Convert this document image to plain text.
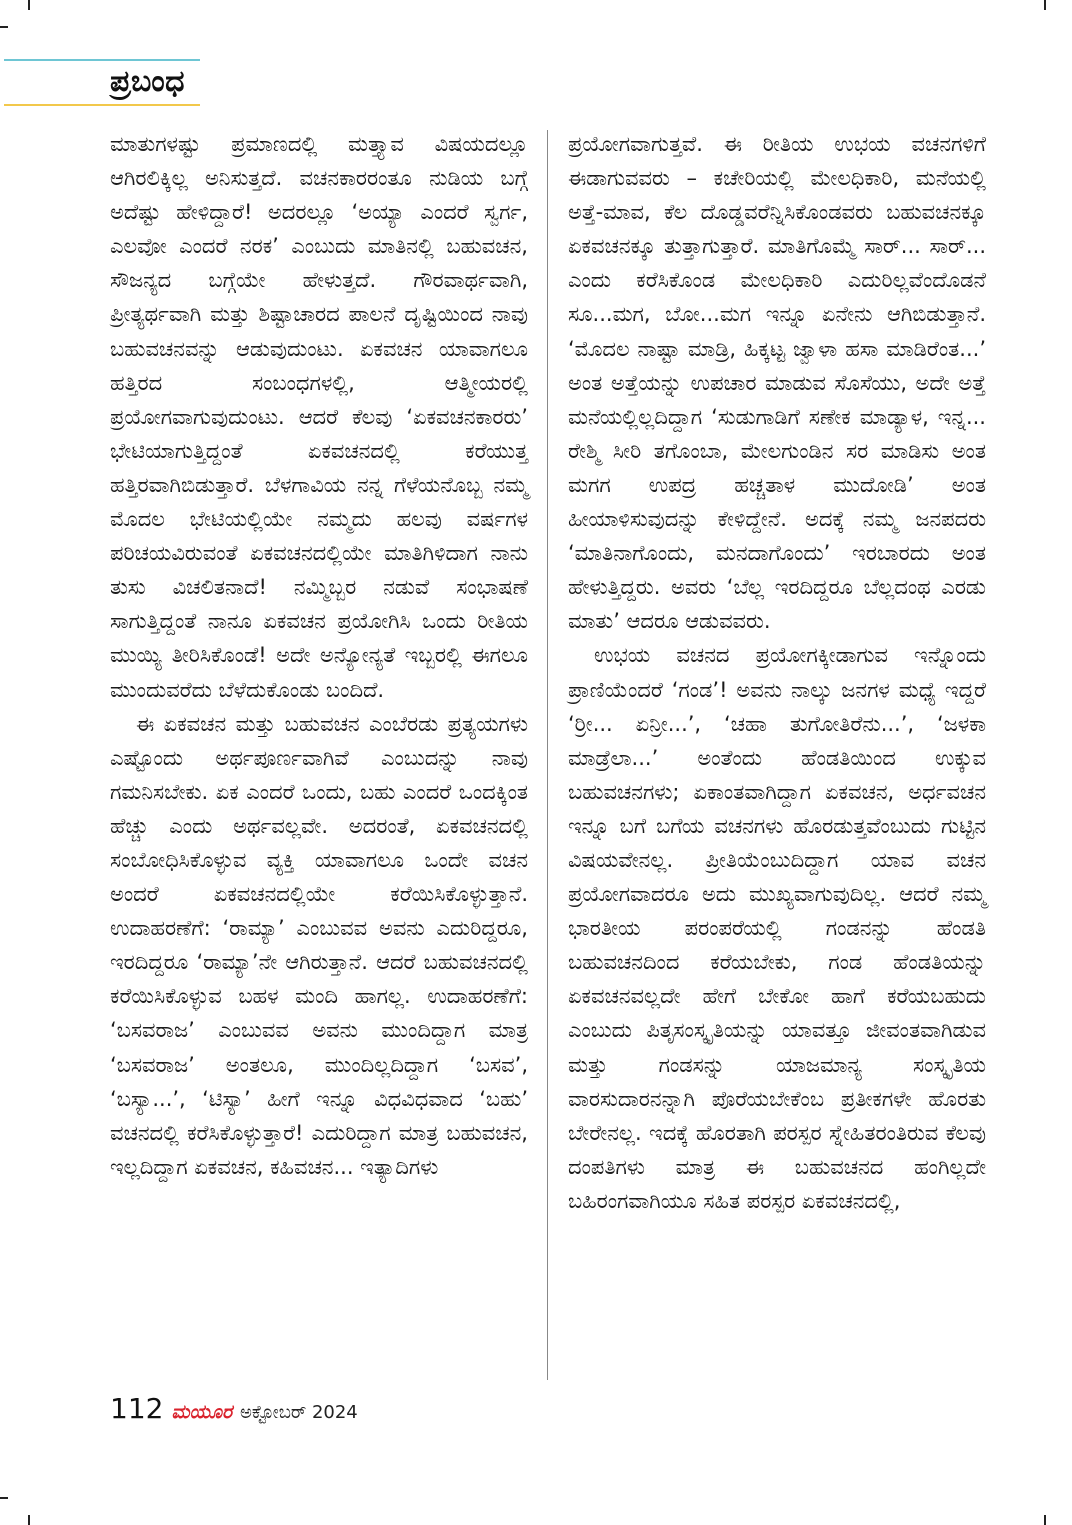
ಪ್ರಬಂಧ

ಮಾತುಗಳಷ್ಟು ಪ್ರಮಾಣದಲ್ಲಿ ಮತ್ತ್ಯಾವ ವಿಷಯದಲ್ಲೂ ಆಗಿರಲಿಕ್ಕಿಲ್ಲ ಅನಿಸುತ್ತದೆ. ವಚನಕಾರರಂತೂ ನುಡಿಯ ಬಗ್ಗೆ ಅದೆಷ್ಟು ಹೇಳಿದ್ದಾರೆ! ಅದರಲ್ಲೂ ‘ಅಯ್ಯಾ ಎಂದರೆ ಸ್ವರ್ಗ, ಎಲವೋ ಎಂದರೆ ನರಕ’ ಎಂಬುದು ಮಾತಿನಲ್ಲಿ ಬಹುವಚನ, ಸೌಜನ್ಯದ ಬಗ್ಗೆಯೇ ಹೇಳುತ್ತದೆ. ಗೌರವಾರ್ಥವಾಗಿ, ಪ್ರೀತ್ಯರ್ಥವಾಗಿ ಮತ್ತು ಶಿಷ್ಟಾಚಾರದ ಪಾಲನೆ ದೃಷ್ಟಿಯಿಂದ ನಾವು ಬಹುವಚನವನ್ನು ಆಡುವುದುಂಟು. ಏಕವಚನ ಯಾವಾಗಲೂ ಹತ್ತಿರದ ಸಂಬಂಧಗಳಲ್ಲಿ, ಆತ್ಮೀಯರಲ್ಲಿ ಪ್ರಯೋಗವಾಗುವುದುಂಟು. ಆದರೆ ಕೆಲವು ‘ಏಕವಚನಕಾರರು’ ಭೇಟಿಯಾಗುತ್ತಿದ್ದಂತೆ ಏಕವಚನದಲ್ಲಿ ಕರೆಯುತ್ತ ಹತ್ತಿರವಾಗಿಬಿಡುತ್ತಾರೆ. ಬೆಳಗಾವಿಯ ನನ್ನ ಗೆಳೆಯನೊಬ್ಬ ನಮ್ಮ ಮೊದಲ ಭೇಟಿಯಲ್ಲಿಯೇ ನಮ್ಮದು ಹಲವು ವರ್ಷಗಳ ಪರಿಚಯವಿರುವಂತೆ ಏಕವಚನದಲ್ಲಿಯೇ ಮಾತಿಗಿಳಿದಾಗ ನಾನು ತುಸು ವಿಚಲಿತನಾದೆ! ನಮ್ಮಿಬ್ಬರ ನಡುವೆ ಸಂಭಾಷಣೆ ಸಾಗುತ್ತಿದ್ದಂತೆ ನಾನೂ ಏಕವಚನ ಪ್ರಯೋಗಿಸಿ ಒಂದು ರೀತಿಯ ಮುಯ್ಯಿ ತೀರಿಸಿಕೊಂಡೆ! ಅದೇ ಅನ್ಯೋನ್ಯತೆ ಇಬ್ಬರಲ್ಲಿ ಈಗಲೂ ಮುಂದುವರೆದು ಬೆಳೆದುಕೊಂಡು ಬಂದಿದೆ.

ಈ ಏಕವಚನ ಮತ್ತು ಬಹುವಚನ ಎಂಬೆರಡು ಪ್ರತ್ಯಯಗಳು ಎಷ್ಟೊಂದು ಅರ್ಥಪೂರ್ಣವಾಗಿವೆ ಎಂಬುದನ್ನು ನಾವು ಗಮನಿಸಬೇಕು. ಏಕ ಎಂದರೆ ಒಂದು, ಬಹು ಎಂದರೆ ಒಂದಕ್ಕಿಂತ ಹೆಚ್ಚು ಎಂದು ಅರ್ಥವಲ್ಲವೇ. ಅದರಂತೆ, ಏಕವಚನದಲ್ಲಿ ಸಂಬೋಧಿಸಿಕೊಳ್ಳುವ ವ್ಯಕ್ತಿ ಯಾವಾಗಲೂ ಒಂದೇ ವಚನ ಅಂದರೆ ಏಕವಚನದಲ್ಲಿಯೇ ಕರೆಯಿಸಿಕೊಳ್ಳುತ್ತಾನೆ. ಉದಾಹರಣೆಗೆ: ‘ರಾಮ್ಯಾ’ ಎಂಬುವವ ಅವನು ಎದುರಿದ್ದರೂ, ಇರದಿದ್ದರೂ ‘ರಾಮ್ಯಾ’ನೇ ಆಗಿರುತ್ತಾನೆ. ಆದರೆ ಬಹುವಚನದಲ್ಲಿ ಕರೆಯಿಸಿಕೊಳ್ಳುವ ಬಹಳ ಮಂದಿ ಹಾಗಲ್ಲ. ಉದಾಹರಣೆಗೆ: ‘ಬಸವರಾಜ’ ಎಂಬುವವ ಅವನು ಮುಂದಿದ್ದಾಗ ಮಾತ್ರ ‘ಬಸವರಾಜ’ ಅಂತಲೂ, ಮುಂದಿಲ್ಲದಿದ್ದಾಗ ‘ಬಸವ’, ‘ಬಸ್ಯಾ...’, ‘ಟಿಸ್ಯಾ’ ಹೀಗೆ ಇನ್ನೂ ವಿಧವಿಧವಾದ ‘ಬಹು’ ವಚನದಲ್ಲಿ ಕರೆಸಿಕೊಳ್ಳುತ್ತಾರೆ! ಎದುರಿದ್ದಾಗ ಮಾತ್ರ ಬಹುವಚನ, ಇಲ್ಲದಿದ್ದಾಗ ಏಕವಚನ, ಕಹಿವಚನ... ಇತ್ಯಾದಿಗಳು

ಪ್ರಯೋಗವಾಗುತ್ತವೆ. ಈ ರೀತಿಯ ಉಭಯ ವಚನಗಳಿಗೆ ಈಡಾಗುವವರು – ಕಚೇರಿಯಲ್ಲಿ ಮೇಲಧಿಕಾರಿ, ಮನೆಯಲ್ಲಿ ಅತ್ತೆ-ಮಾವ, ಕೆಲ ದೊಡ್ಡವರೆನ್ನಿಸಿಕೊಂಡವರು ಬಹುವಚನಕ್ಕೂ ಏಕವಚನಕ್ಕೂ ತುತ್ತಾಗುತ್ತಾರೆ. ಮಾತಿಗೊಮ್ಮೆ ಸಾರ್... ಸಾರ್... ಎಂದು ಕರೆಸಿಕೊಂಡ ಮೇಲಧಿಕಾರಿ ಎದುರಿಲ್ಲವೆಂದೊಡನೆ ಸೂ...ಮಗ, ಬೋ...ಮಗ ಇನ್ನೂ ಏನೇನು ಆಗಿಬಿಡುತ್ತಾನೆ. ‘ಮೊದಲ ನಾಷ್ಟಾ ಮಾಡ್ರಿ, ಹಿಕ್ಕಟ್ಟ ಜ್ವಾಳಾ ಹಸಾ ಮಾಡಿರೆಂತ...’ ಅಂತ ಅತ್ತೆಯನ್ನು ಉಪಚಾರ ಮಾಡುವ ಸೊಸೆಯು, ಅದೇ ಅತ್ತೆ ಮನೆಯಲ್ಲಿಲ್ಲದಿದ್ದಾಗ ‘ಸುಡುಗಾಡಿಗೆ ಸಣೇಕ ಮಾಡ್ಯಾಳ, ಇನ್ನ... ರೇಶ್ಮಿ ಸೀರಿ ತಗೊಂಬಾ, ಮೇಲಗುಂಡಿನ ಸರ ಮಾಡಿಸು ಅಂತ ಮಗಗ ಉಪದ್ರ ಹಚ್ಚತಾಳ ಮುದೋಡಿ’ ಅಂತ ಹೀಯಾಳಿಸುವುದನ್ನು ಕೇಳಿದ್ದೇನೆ. ಅದಕ್ಕೆ ನಮ್ಮ ಜನಪದರು ‘ಮಾತಿನಾಗೊಂದು, ಮನದಾಗೊಂದು’ ಇರಬಾರದು ಅಂತ ಹೇಳುತ್ತಿದ್ದರು. ಅವರು ‘ಬೆಲ್ಲ ಇರದಿದ್ದರೂ ಬೆಲ್ಲದಂಥ ಎರಡು ಮಾತು’ ಆದರೂ ಆಡುವವರು.

ಉಭಯ ವಚನದ ಪ್ರಯೋಗಕ್ಕೀಡಾಗುವ ಇನ್ನೊಂದು ಪ್ರಾಣಿಯೆಂದರೆ ‘ಗಂಡ’! ಅವನು ನಾಲ್ಕು ಜನಗಳ ಮಧ್ಯೆ ಇದ್ದರೆ ‘ರ್‍ರೀ... ಏನ್ರೀ...’, ‘ಚಹಾ ತುಗೋತಿರೆನು...’, ‘ಜಳಕಾ ಮಾಡ್ರೆಲಾ...’ ಅಂತೆಂದು ಹೆಂಡತಿಯಿಂದ ಉಕ್ಕುವ ಬಹುವಚನಗಳು; ಏಕಾಂತವಾಗಿದ್ದಾಗ ಏಕವಚನ, ಅರ್ಧವಚನ ಇನ್ನೂ ಬಗೆ ಬಗೆಯ ವಚನಗಳು ಹೊರಡುತ್ತವೆಂಬುದು ಗುಟ್ಟಿನ ವಿಷಯವೇನಲ್ಲ. ಪ್ರೀತಿಯೆಂಬುದಿದ್ದಾಗ ಯಾವ ವಚನ ಪ್ರಯೋಗವಾದರೂ ಅದು ಮುಖ್ಯವಾಗುವುದಿಲ್ಲ. ಆದರೆ ನಮ್ಮ ಭಾರತೀಯ ಪರಂಪರೆಯಲ್ಲಿ ಗಂಡನನ್ನು ಹೆಂಡತಿ ಬಹುವಚನದಿಂದ ಕರೆಯಬೇಕು, ಗಂಡ ಹೆಂಡತಿಯನ್ನು ಏಕವಚನವಲ್ಲದೇ ಹೇಗೆ ಬೇಕೋ ಹಾಗೆ ಕರೆಯಬಹುದು ಎಂಬುದು ಪಿತೃಸಂಸ್ಕೃತಿಯನ್ನು ಯಾವತ್ತೂ ಜೀವಂತವಾಗಿಡುವ ಮತ್ತು ಗಂಡಸನ್ನು ಯಾಜಮಾನ್ಯ ಸಂಸ್ಕೃತಿಯ ವಾರಸುದಾರನನ್ನಾಗಿ ಪೊರೆಯಬೇಕೆಂಬ ಪ್ರತೀಕಗಳೇ ಹೊರತು ಬೇರೇನಲ್ಲ. ಇದಕ್ಕೆ ಹೊರತಾಗಿ ಪರಸ್ಪರ ಸ್ನೇಹಿತರಂತಿರುವ ಕೆಲವು ದಂಪತಿಗಳು ಮಾತ್ರ ಈ ಬಹುವಚನದ ಹಂಗಿಲ್ಲದೇ ಬಹಿರಂಗವಾಗಿಯೂ ಸಹಿತ ಪರಸ್ಪರ ಏಕವಚನದಲ್ಲಿ,

112 ಮಯೂರ ಅಕ್ಟೋಬರ್ 2024
